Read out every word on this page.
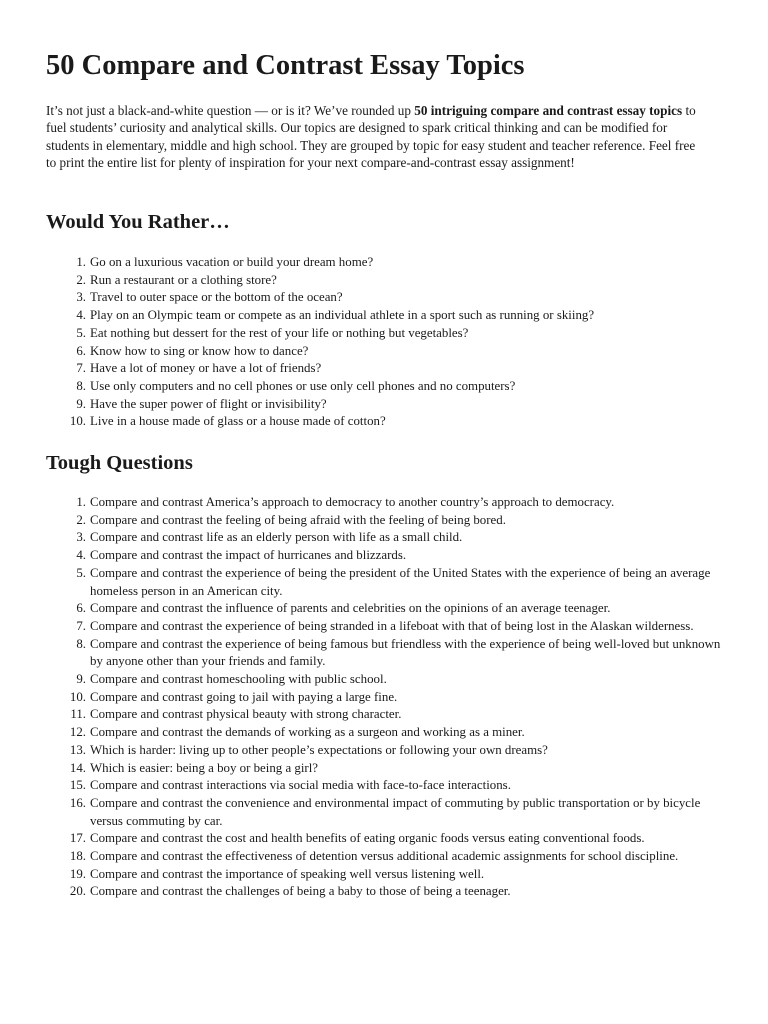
50 Compare and Contrast Essay Topics

It’s not just a black-and-white question — or is it? We’ve rounded up 50 intriguing compare and contrast essay topics to fuel students’ curiosity and analytical skills. Our topics are designed to spark critical thinking and can be modified for students in elementary, middle and high school. They are grouped by topic for easy student and teacher reference. Feel free to print the entire list for plenty of inspiration for your next compare-and-contrast essay assignment!

Would You Rather…
1. Go on a luxurious vacation or build your dream home?
2. Run a restaurant or a clothing store?
3. Travel to outer space or the bottom of the ocean?
4. Play on an Olympic team or compete as an individual athlete in a sport such as running or skiing?
5. Eat nothing but dessert for the rest of your life or nothing but vegetables?
6. Know how to sing or know how to dance?
7. Have a lot of money or have a lot of friends?
8. Use only computers and no cell phones or use only cell phones and no computers?
9. Have the super power of flight or invisibility?
10. Live in a house made of glass or a house made of cotton?
Tough Questions
1. Compare and contrast America’s approach to democracy to another country’s approach to democracy.
2. Compare and contrast the feeling of being afraid with the feeling of being bored.
3. Compare and contrast life as an elderly person with life as a small child.
4. Compare and contrast the impact of hurricanes and blizzards.
5. Compare and contrast the experience of being the president of the United States with the experience of being an average homeless person in an American city.
6. Compare and contrast the influence of parents and celebrities on the opinions of an average teenager.
7. Compare and contrast the experience of being stranded in a lifeboat with that of being lost in the Alaskan wilderness.
8. Compare and contrast the experience of being famous but friendless with the experience of being well-loved but unknown by anyone other than your friends and family.
9. Compare and contrast homeschooling with public school.
10. Compare and contrast going to jail with paying a large fine.
11. Compare and contrast physical beauty with strong character.
12. Compare and contrast the demands of working as a surgeon and working as a miner.
13. Which is harder: living up to other people’s expectations or following your own dreams?
14. Which is easier: being a boy or being a girl?
15. Compare and contrast interactions via social media with face-to-face interactions.
16. Compare and contrast the convenience and environmental impact of commuting by public transportation or by bicycle versus commuting by car.
17. Compare and contrast the cost and health benefits of eating organic foods versus eating conventional foods.
18. Compare and contrast the effectiveness of detention versus additional academic assignments for school discipline.
19. Compare and contrast the importance of speaking well versus listening well.
20. Compare and contrast the challenges of being a baby to those of being a teenager.
